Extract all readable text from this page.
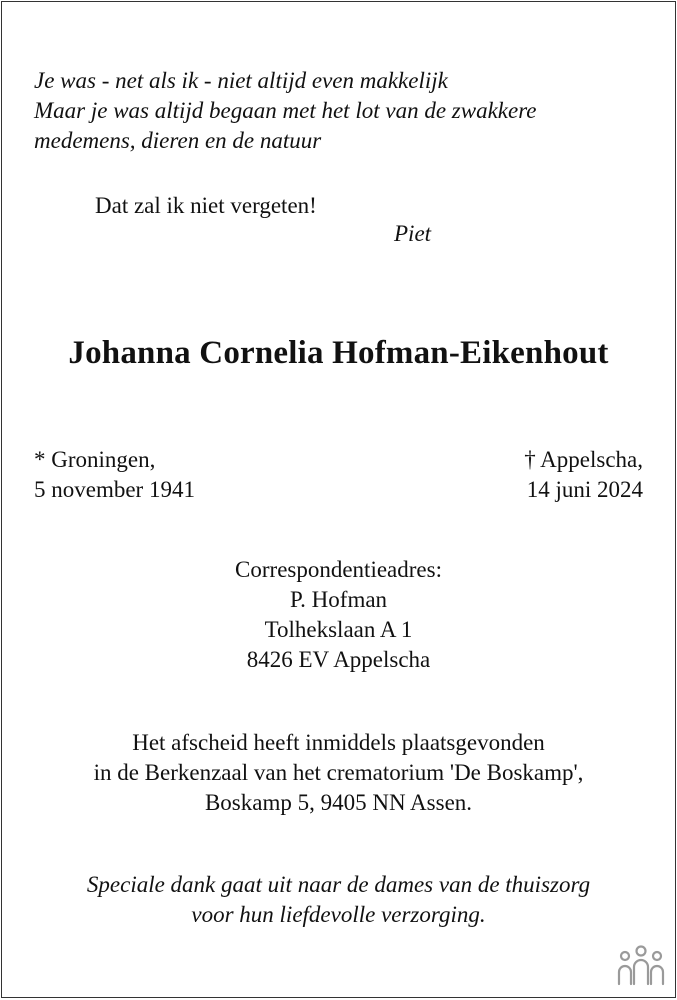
Je was - net als ik - niet altijd even makkelijk
Maar je was altijd begaan met het lot van de zwakkere
medemens, dieren en de natuur
Dat zal ik niet vergeten!
Piet
Johanna Cornelia Hofman-Eikenhout
* Groningen,
5 november 1941
† Appelscha,
14 juni 2024
Correspondentieadres:
P. Hofman
Tolhekslaan A 1
8426 EV Appelscha
Het afscheid heeft inmiddels plaatsgevonden
in de Berkenzaal van het crematorium 'De Boskamp',
Boskamp 5, 9405 NN Assen.
Speciale dank gaat uit naar de dames van de thuiszorg
voor hun liefdevolle verzorging.
